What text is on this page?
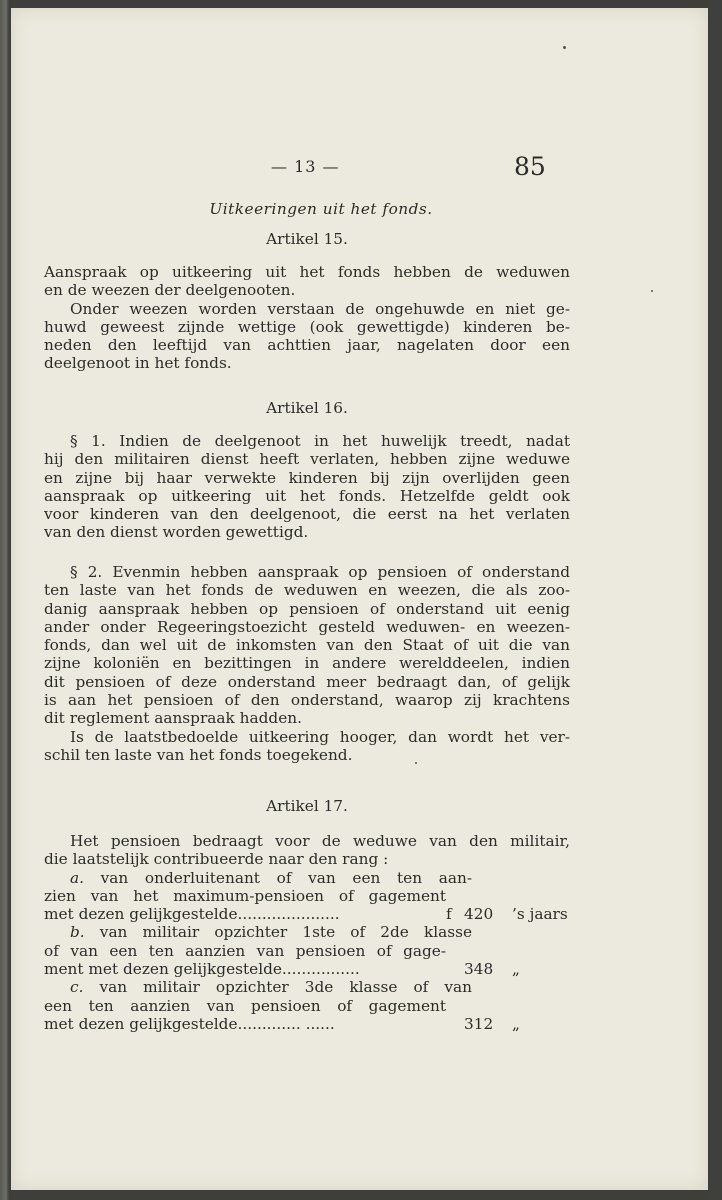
— 13 —	85
Uitkeeringen uit het fonds.
Artikel 15.
Aanspraak op uitkeering uit het fonds hebben de weduwen
en de weezen der deelgenooten.
Onder weezen worden verstaan de ongehuwde en niet ge-
huwd geweest zijnde wettige (ook gewettigde) kinderen be-
neden den leeftijd van achttien jaar, nagelaten door een
deelgenoot in het fonds.
Artikel 16.
§ 1. Indien de deelgenoot in het huwelijk treedt, nadat
hij den militairen dienst heeft verlaten, hebben zijne weduwe
en zijne bij haar verwekte kinderen bij zijn overlijden geen
aanspraak op uitkeering uit het fonds. Hetzelfde geldt ook
voor kinderen van den deelgenoot, die eerst na het verlaten
van den dienst worden gewettigd.
§ 2. Evenmin hebben aanspraak op pensioen of onderstand
ten laste van het fonds de weduwen en weezen, die als zoo-
danig aanspraak hebben op pensioen of onderstand uit eenig
ander onder Regeeringstoezicht gesteld weduwen- en weezen-
fonds, dan wel uit de inkomsten van den Staat of uit die van
zijne koloniën en bezittingen in andere werelddeelen, indien
dit pensioen of deze onderstand meer bedraagt dan, of gelijk
is aan het pensioen of den onderstand, waarop zij krachtens
dit reglement aanspraak hadden.
Is de laatstbedoelde uitkeering hooger, dan wordt het ver-
schil ten laste van het fonds toegekend.
Artikel 17.
Het pensioen bedraagt voor de weduwe van den militair,
die laatstelijk contribueerde naar den rang :
a. van onderluitenant of van een ten aan-
zien van het maximum-pensioen of gagement
met dezen gelijkgestelde.....................	f 420	’s jaars
b. van militair opzichter 1ste of 2de klasse
of van een ten aanzien van pensioen of gage-
ment met dezen gelijkgestelde................	348	„
c. van militair opzichter 3de klasse of van
een ten aanzien van pensioen of gagement
met dezen gelijkgestelde............. ......	312	„
